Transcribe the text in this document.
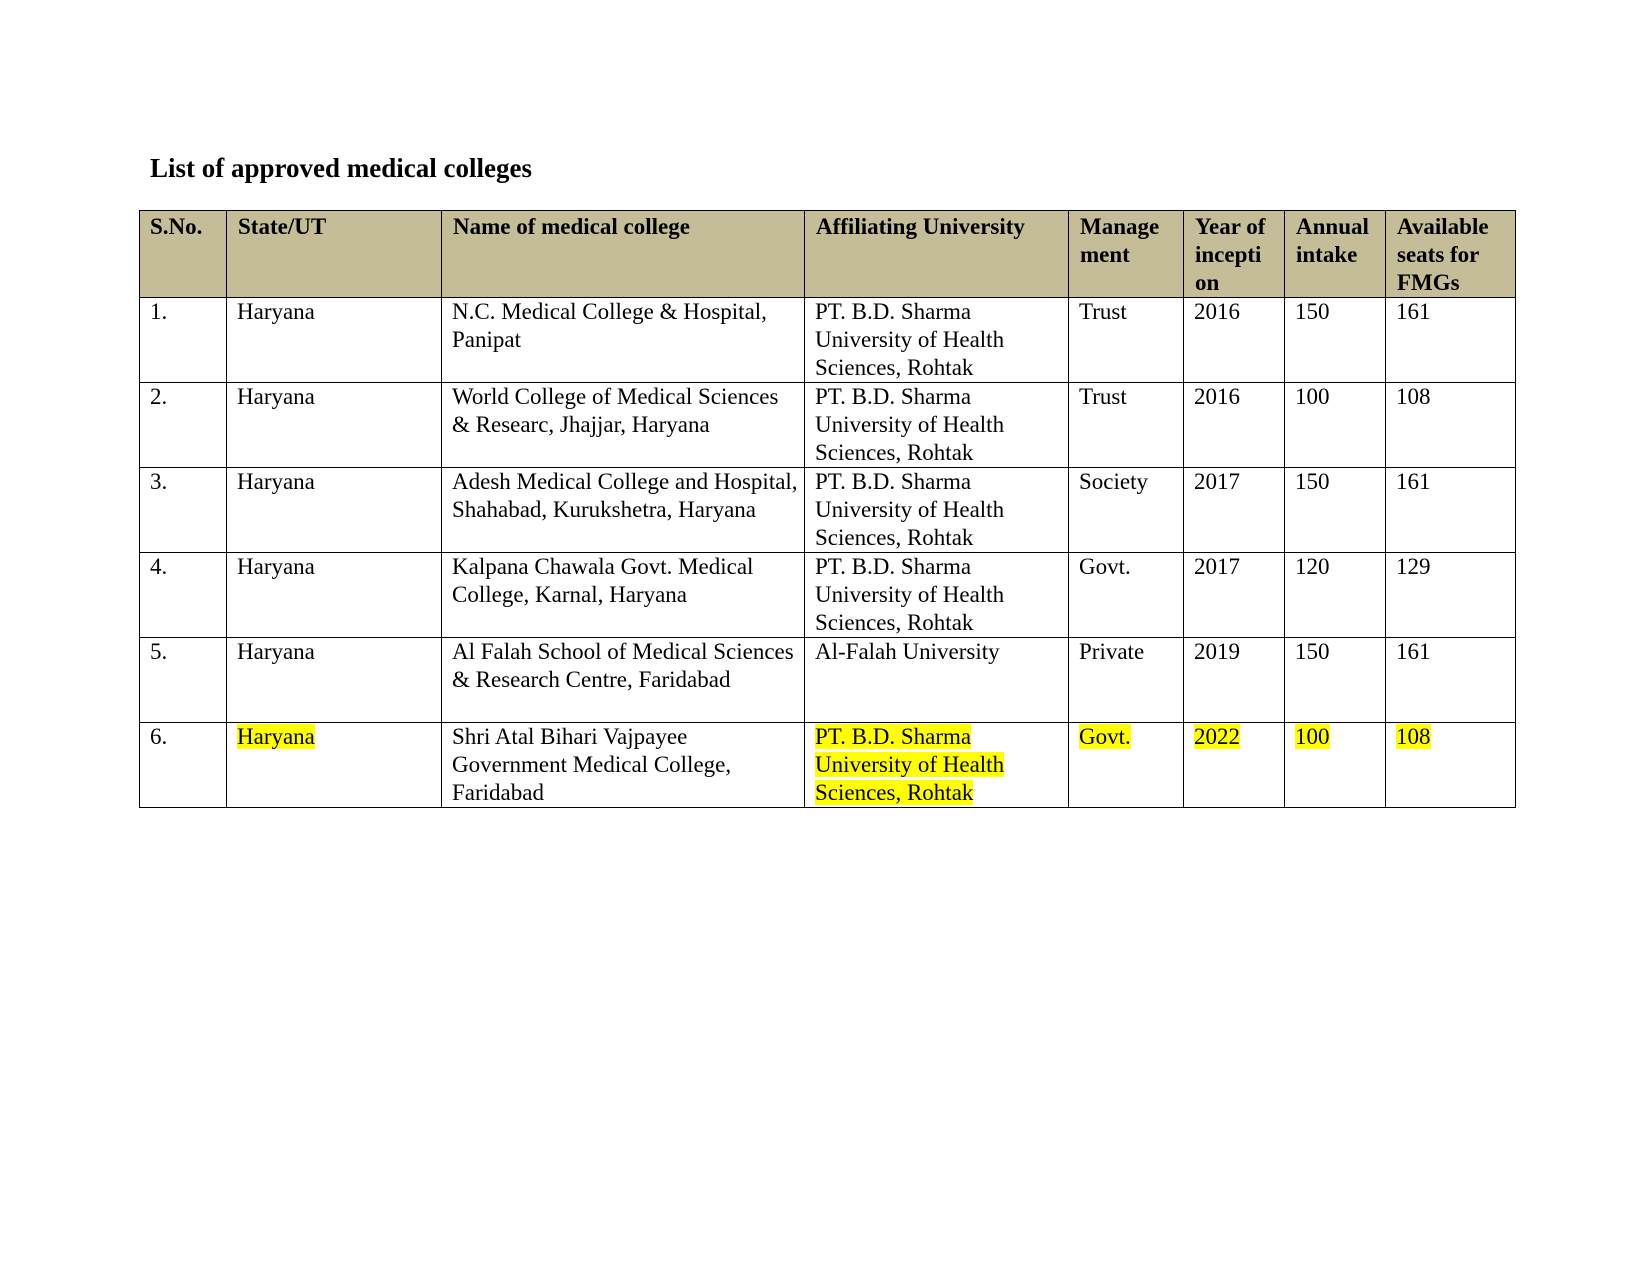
List of approved medical colleges
S.No.	State/UT	Name of medical college	Affiliating University	Manage ment	Year of incepti on	Annual intake	Available seats for FMGs
1.	Haryana	N.C. Medical College & Hospital, Panipat	PT. B.D. Sharma University of Health Sciences, Rohtak	Trust	2016	150	161
2.	Haryana	World College of Medical Sciences & Researc, Jhajjar, Haryana	PT. B.D. Sharma University of Health Sciences, Rohtak	Trust	2016	100	108
3.	Haryana	Adesh Medical College and Hospital, Shahabad, Kurukshetra, Haryana	PT. B.D. Sharma University of Health Sciences, Rohtak	Society	2017	150	161
4.	Haryana	Kalpana Chawala Govt. Medical College, Karnal, Haryana	PT. B.D. Sharma University of Health Sciences, Rohtak	Govt.	2017	120	129
5.	Haryana	Al Falah School of Medical Sciences & Research Centre, Faridabad	Al-Falah University	Private	2019	150	161
6.	Haryana	Shri Atal Bihari Vajpayee Government Medical College, Faridabad	PT. B.D. Sharma University of Health Sciences, Rohtak	Govt.	2022	100	108
